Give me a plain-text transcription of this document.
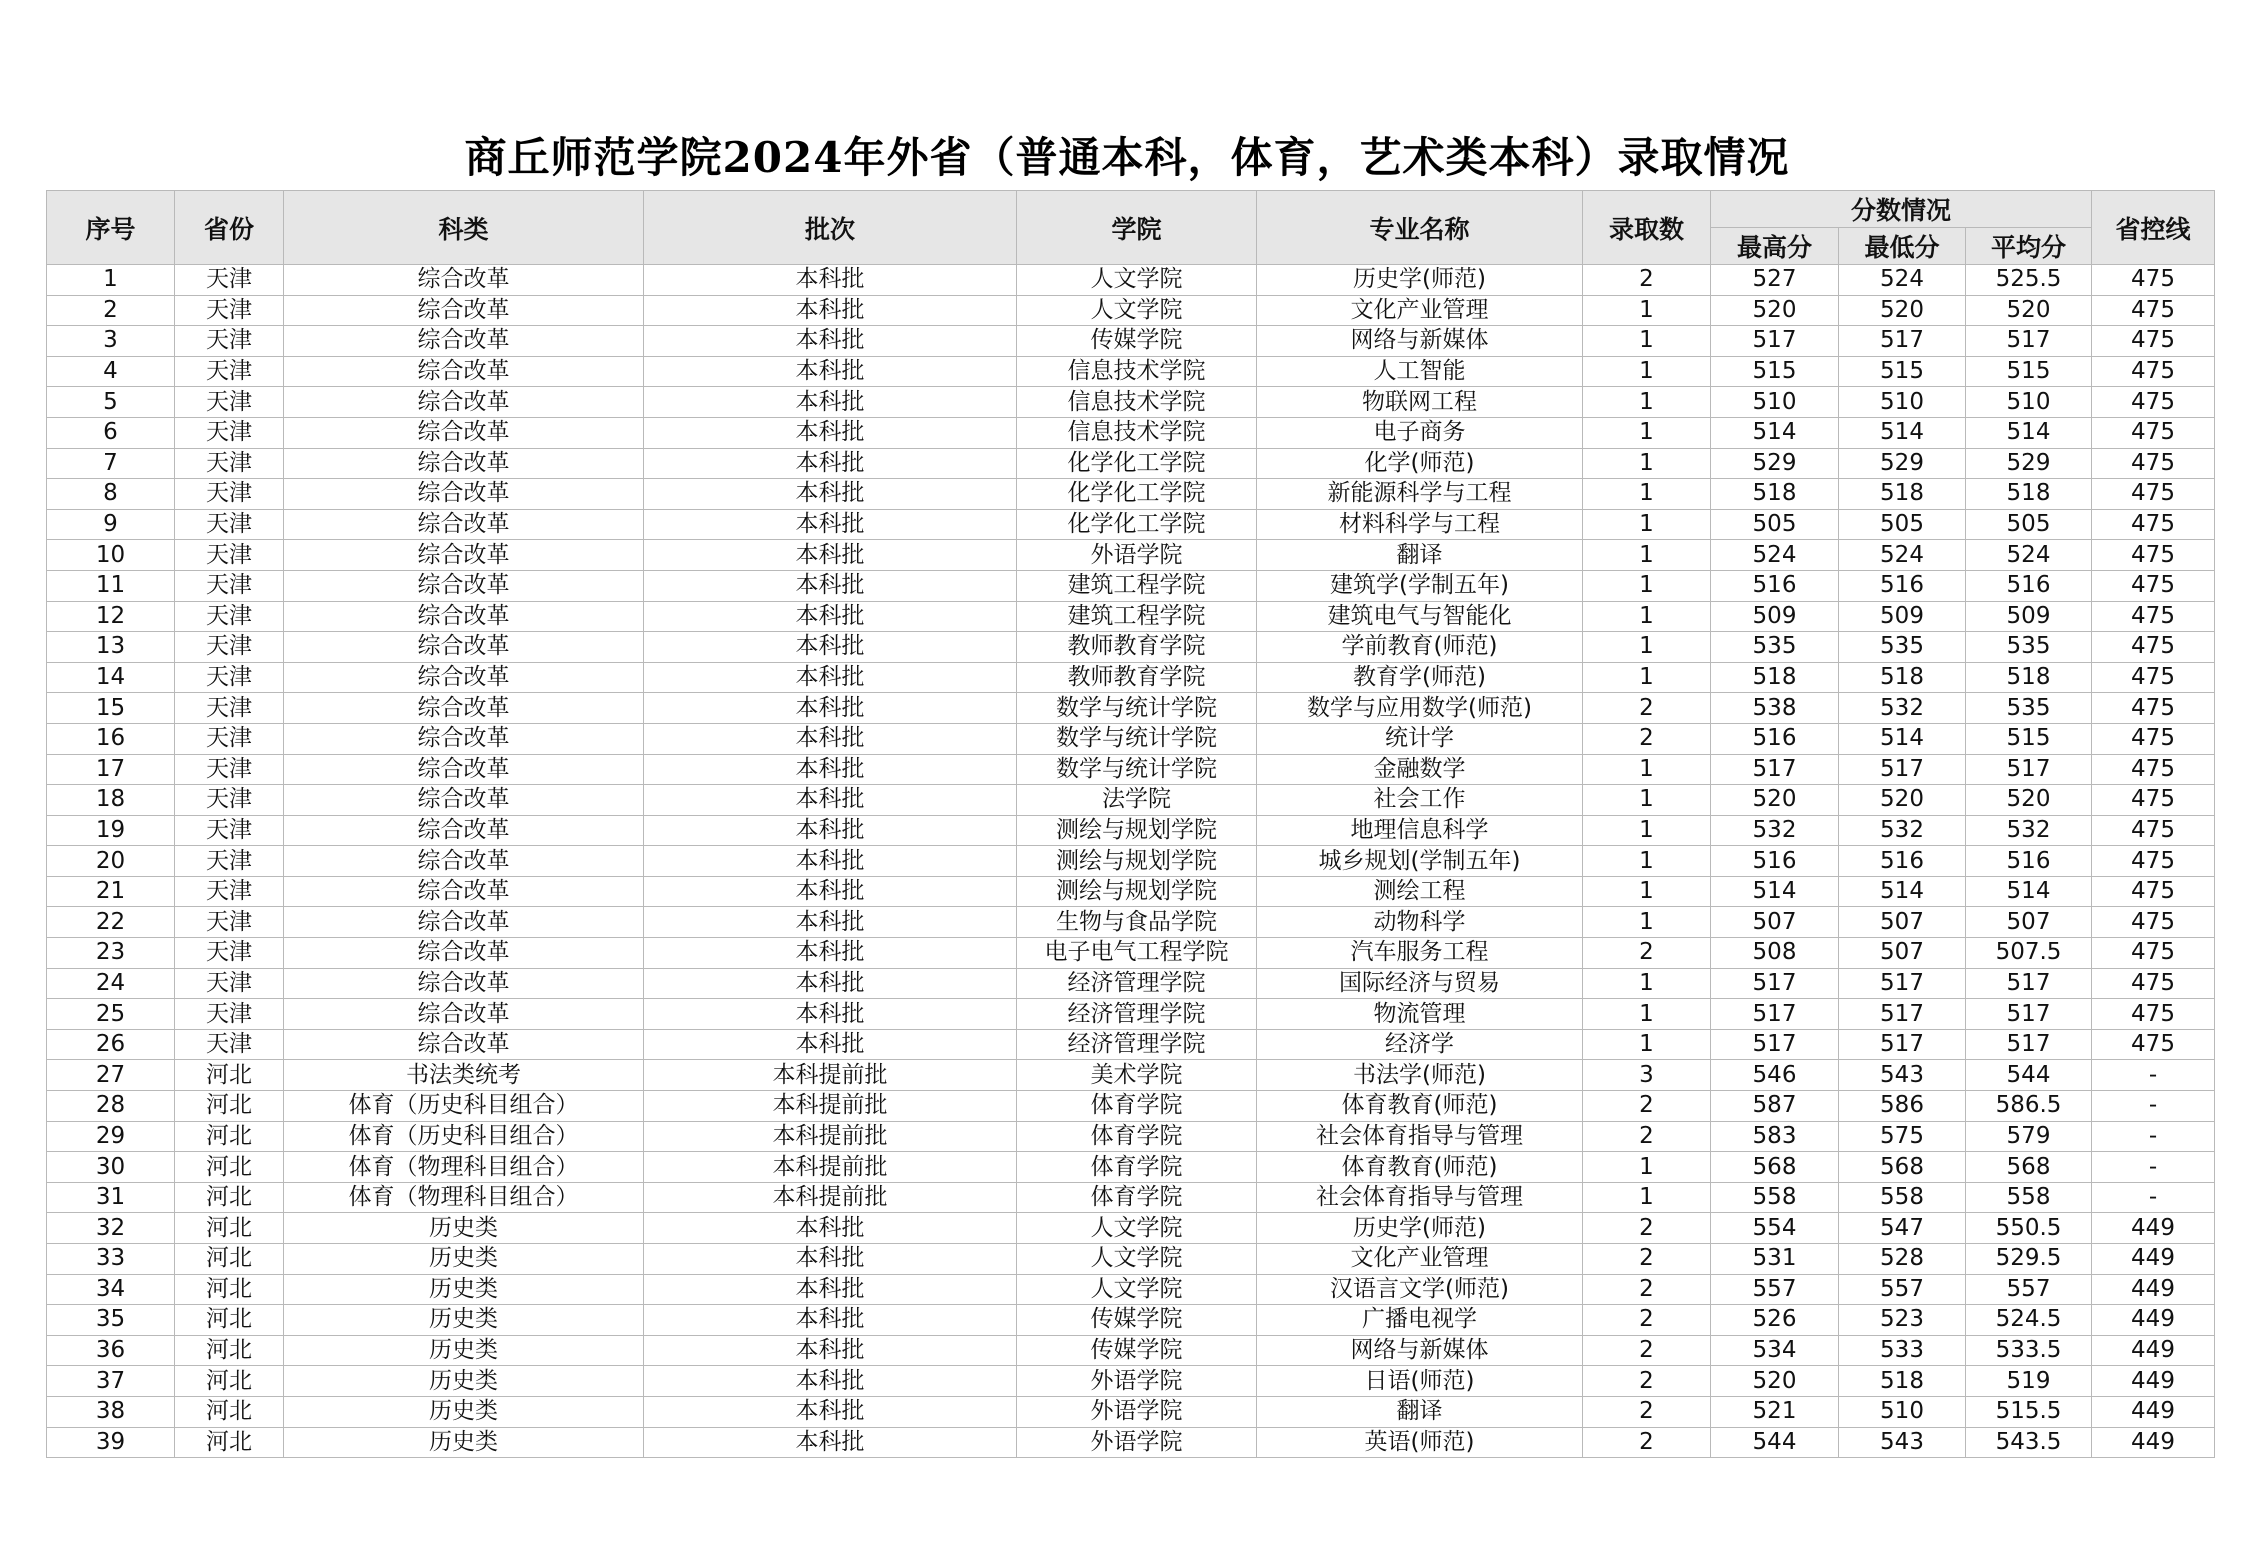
商丘师范学院2024年外省（普通本科，体育，艺术类本科）录取情况
序号	省份	科类	批次	学院	专业名称	录取数	分数情况			省控线
							最高分	最低分	平均分	
1	天津	综合改革	本科批	人文学院	历史学(师范)	2	527	524	525.5	475
2	天津	综合改革	本科批	人文学院	文化产业管理	1	520	520	520	475
3	天津	综合改革	本科批	传媒学院	网络与新媒体	1	517	517	517	475
4	天津	综合改革	本科批	信息技术学院	人工智能	1	515	515	515	475
5	天津	综合改革	本科批	信息技术学院	物联网工程	1	510	510	510	475
6	天津	综合改革	本科批	信息技术学院	电子商务	1	514	514	514	475
7	天津	综合改革	本科批	化学化工学院	化学(师范)	1	529	529	529	475
8	天津	综合改革	本科批	化学化工学院	新能源科学与工程	1	518	518	518	475
9	天津	综合改革	本科批	化学化工学院	材料科学与工程	1	505	505	505	475
10	天津	综合改革	本科批	外语学院	翻译	1	524	524	524	475
11	天津	综合改革	本科批	建筑工程学院	建筑学(学制五年)	1	516	516	516	475
12	天津	综合改革	本科批	建筑工程学院	建筑电气与智能化	1	509	509	509	475
13	天津	综合改革	本科批	教师教育学院	学前教育(师范)	1	535	535	535	475
14	天津	综合改革	本科批	教师教育学院	教育学(师范)	1	518	518	518	475
15	天津	综合改革	本科批	数学与统计学院	数学与应用数学(师范)	2	538	532	535	475
16	天津	综合改革	本科批	数学与统计学院	统计学	2	516	514	515	475
17	天津	综合改革	本科批	数学与统计学院	金融数学	1	517	517	517	475
18	天津	综合改革	本科批	法学院	社会工作	1	520	520	520	475
19	天津	综合改革	本科批	测绘与规划学院	地理信息科学	1	532	532	532	475
20	天津	综合改革	本科批	测绘与规划学院	城乡规划(学制五年)	1	516	516	516	475
21	天津	综合改革	本科批	测绘与规划学院	测绘工程	1	514	514	514	475
22	天津	综合改革	本科批	生物与食品学院	动物科学	1	507	507	507	475
23	天津	综合改革	本科批	电子电气工程学院	汽车服务工程	2	508	507	507.5	475
24	天津	综合改革	本科批	经济管理学院	国际经济与贸易	1	517	517	517	475
25	天津	综合改革	本科批	经济管理学院	物流管理	1	517	517	517	475
26	天津	综合改革	本科批	经济管理学院	经济学	1	517	517	517	475
27	河北	书法类统考	本科提前批	美术学院	书法学(师范)	3	546	543	544	-
28	河北	体育（历史科目组合）	本科提前批	体育学院	体育教育(师范)	2	587	586	586.5	-
29	河北	体育（历史科目组合）	本科提前批	体育学院	社会体育指导与管理	2	583	575	579	-
30	河北	体育（物理科目组合）	本科提前批	体育学院	体育教育(师范)	1	568	568	568	-
31	河北	体育（物理科目组合）	本科提前批	体育学院	社会体育指导与管理	1	558	558	558	-
32	河北	历史类	本科批	人文学院	历史学(师范)	2	554	547	550.5	449
33	河北	历史类	本科批	人文学院	文化产业管理	2	531	528	529.5	449
34	河北	历史类	本科批	人文学院	汉语言文学(师范)	2	557	557	557	449
35	河北	历史类	本科批	传媒学院	广播电视学	2	526	523	524.5	449
36	河北	历史类	本科批	传媒学院	网络与新媒体	2	534	533	533.5	449
37	河北	历史类	本科批	外语学院	日语(师范)	2	520	518	519	449
38	河北	历史类	本科批	外语学院	翻译	2	521	510	515.5	449
39	河北	历史类	本科批	外语学院	英语(师范)	2	544	543	543.5	449
